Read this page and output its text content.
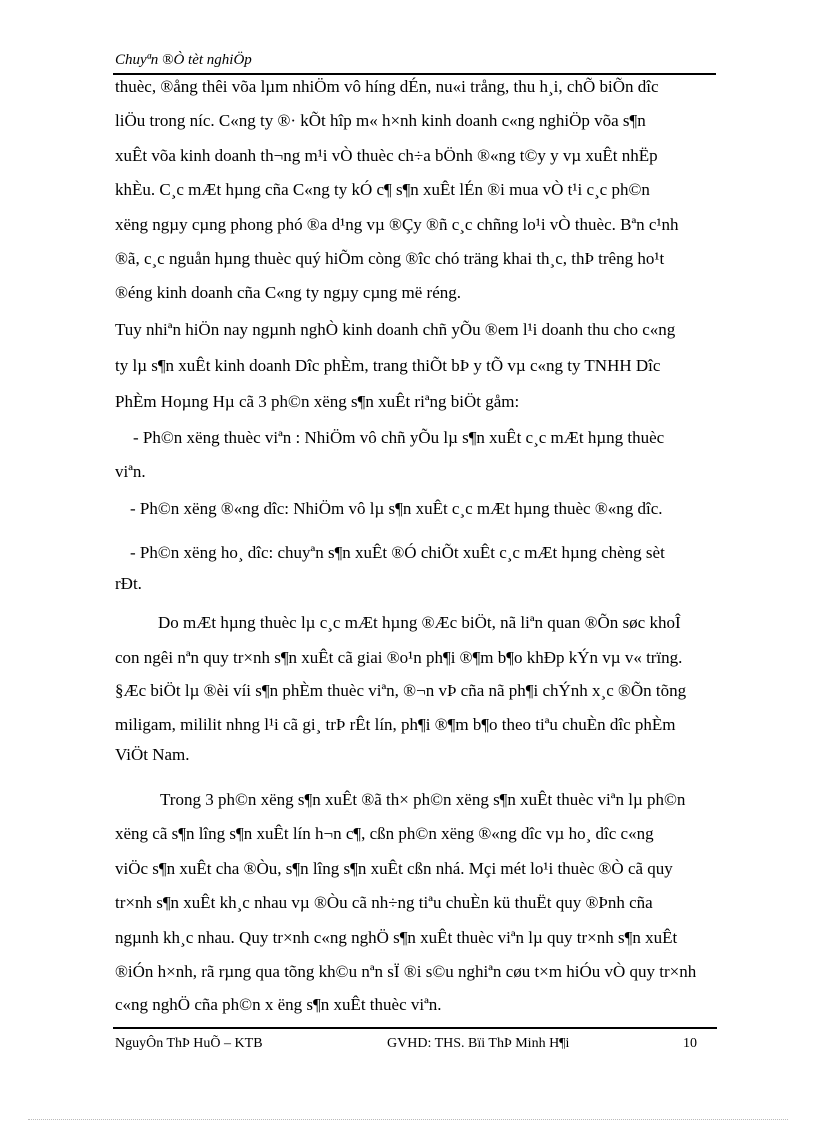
Chuyªn ®Ò tèt nghiÖp
thuèc, ®ång thêi võa lµm nhiÖm vô híng dÉn, nu«i trång, thu h¸i, chÕ biÕn dîc
liÖu trong níc. C«ng ty ®· kÕt hîp m« h×nh kinh doanh c«ng nghiÖp võa s¶n
xuÊt võa kinh doanh th¬ng m¹i vÒ thuèc ch÷a bÖnh ®«ng t©y y vµ xuÊt nhËp
khÈu. C¸c mÆt hµng cña C«ng ty kÓ c¶ s¶n xuÊt lÉn ®i mua vÒ t¹i c¸c ph©n
xëng ngµy cµng phong phó ®a d¹ng vµ ®Çy ®ñ c¸c chñng lo¹i vÒ thuèc. Bªn c¹nh
®ã, c¸c nguån hµng thuèc quý hiÕm còng ®îc chó träng khai th¸c, thÞ trêng ho¹t
®éng kinh doanh cña C«ng ty ngµy cµng më réng.
Tuy nhiªn hiÖn nay ngµnh nghÒ kinh doanh chñ yÕu ®em l¹i doanh thu cho c«ng
ty lµ s¶n xuÊt kinh doanh Dîc phÈm, trang thiÕt bÞ y tÕ vµ c«ng ty TNHH Dîc
PhÈm Hoµng Hµ cã 3 ph©n xëng s¶n xuÊt riªng biÖt gåm:
- Ph©n xëng thuèc viªn : NhiÖm vô chñ yÕu lµ s¶n xuÊt c¸c mÆt hµng thuèc
viªn.
- Ph©n xëng ®«ng dîc: NhiÖm vô lµ s¶n xuÊt c¸c mÆt hµng thuèc ®«ng dîc.
- Ph©n xëng ho¸ dîc: chuyªn s¶n xuÊt ®Ó chiÕt xuÊt c¸c mÆt hµng chèng sèt
rÐt.
Do mÆt hµng thuèc lµ c¸c mÆt hµng ®Æc biÖt, nã liªn quan ®Õn søc khoÎ
con ngêi nªn quy tr×nh s¶n xuÊt cã giai ®o¹n ph¶i ®¶m b¶o khÐp kÝn vµ v« trïng.
§Æc biÖt lµ ®èi víi s¶n phÈm thuèc viªn, ®¬n vÞ cña nã ph¶i chÝnh x¸c ®Õn tõng
miligam, mililit nhng l¹i cã gi¸ trÞ rÊt lín, ph¶i ®¶m b¶o theo tiªu chuÈn dîc phÈm
ViÖt Nam.
Trong 3 ph©n xëng s¶n xuÊt ®ã th× ph©n xëng s¶n xuÊt thuèc viªn lµ ph©n
xëng cã s¶n lîng s¶n xuÊt lín h¬n c¶, cßn ph©n xëng ®«ng dîc vµ ho¸ dîc c«ng
viÖc s¶n xuÊt cha ®Òu, s¶n lîng s¶n xuÊt cßn nhá. Mçi mét lo¹i thuèc ®Ò cã quy
tr×nh s¶n xuÊt kh¸c nhau vµ ®Òu cã nh÷ng tiªu chuÈn kü thuËt quy ®Þnh cña
ngµnh kh¸c nhau. Quy tr×nh c«ng nghÖ s¶n xuÊt thuèc viªn lµ quy tr×nh s¶n xuÊt
®iÓn h×nh, rã rµng qua tõng kh©u nªn sÏ ®i s©u nghiªn cøu t×m hiÓu vÒ quy tr×nh
c«ng nghÖ cña ph©n x ëng s¶n xuÊt thuèc viªn.
NguyÔn ThÞ HuÕ – KTB	GVHD: THS. Bïi ThÞ Minh H¶i	10
